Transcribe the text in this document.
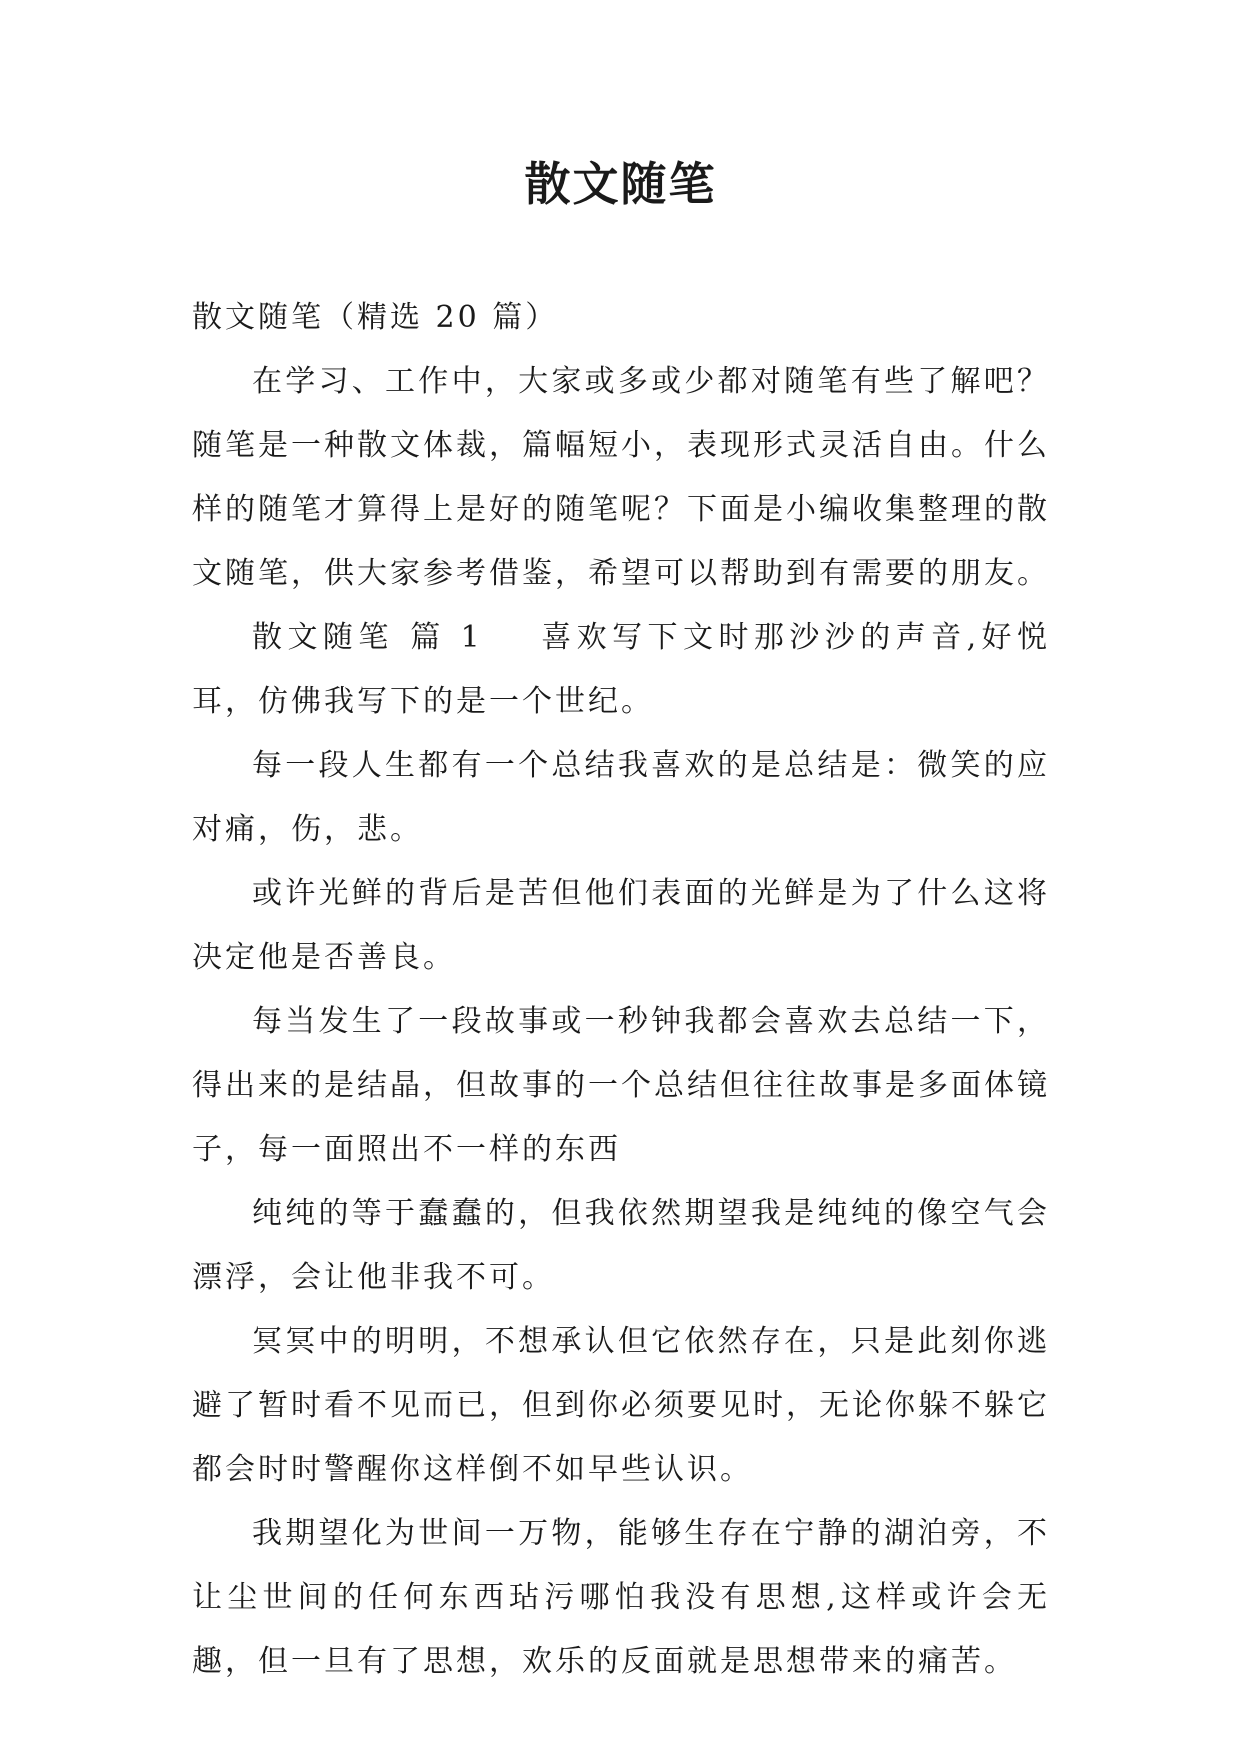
散文随笔

散文随笔（精选 20 篇）

在学习、工作中，大家或多或少都对随笔有些了解吧？随笔是一种散文体裁，篇幅短小，表现形式灵活自由。什么样的随笔才算得上是好的随笔呢？下面是小编收集整理的散文随笔，供大家参考借鉴，希望可以帮助到有需要的朋友。

散文随笔 篇 1 喜欢写下文时那沙沙的声音,好悦耳，仿佛我写下的是一个世纪。

每一段人生都有一个总结我喜欢的是总结是：微笑的应对痛，伤，悲。

或许光鲜的背后是苦但他们表面的光鲜是为了什么这将决定他是否善良。

每当发生了一段故事或一秒钟我都会喜欢去总结一下，得出来的是结晶，但故事的一个总结但往往故事是多面体镜子，每一面照出不一样的东西

纯纯的等于蠢蠢的，但我依然期望我是纯纯的像空气会漂浮，会让他非我不可。

冥冥中的明明，不想承认但它依然存在，只是此刻你逃避了暂时看不见而已，但到你必须要见时，无论你躲不躲它都会时时警醒你这样倒不如早些认识。

我期望化为世间一万物，能够生存在宁静的湖泊旁，不让尘世间的任何东西玷污哪怕我没有思想,这样或许会无趣，但一旦有了思想，欢乐的反面就是思想带来的痛苦。
